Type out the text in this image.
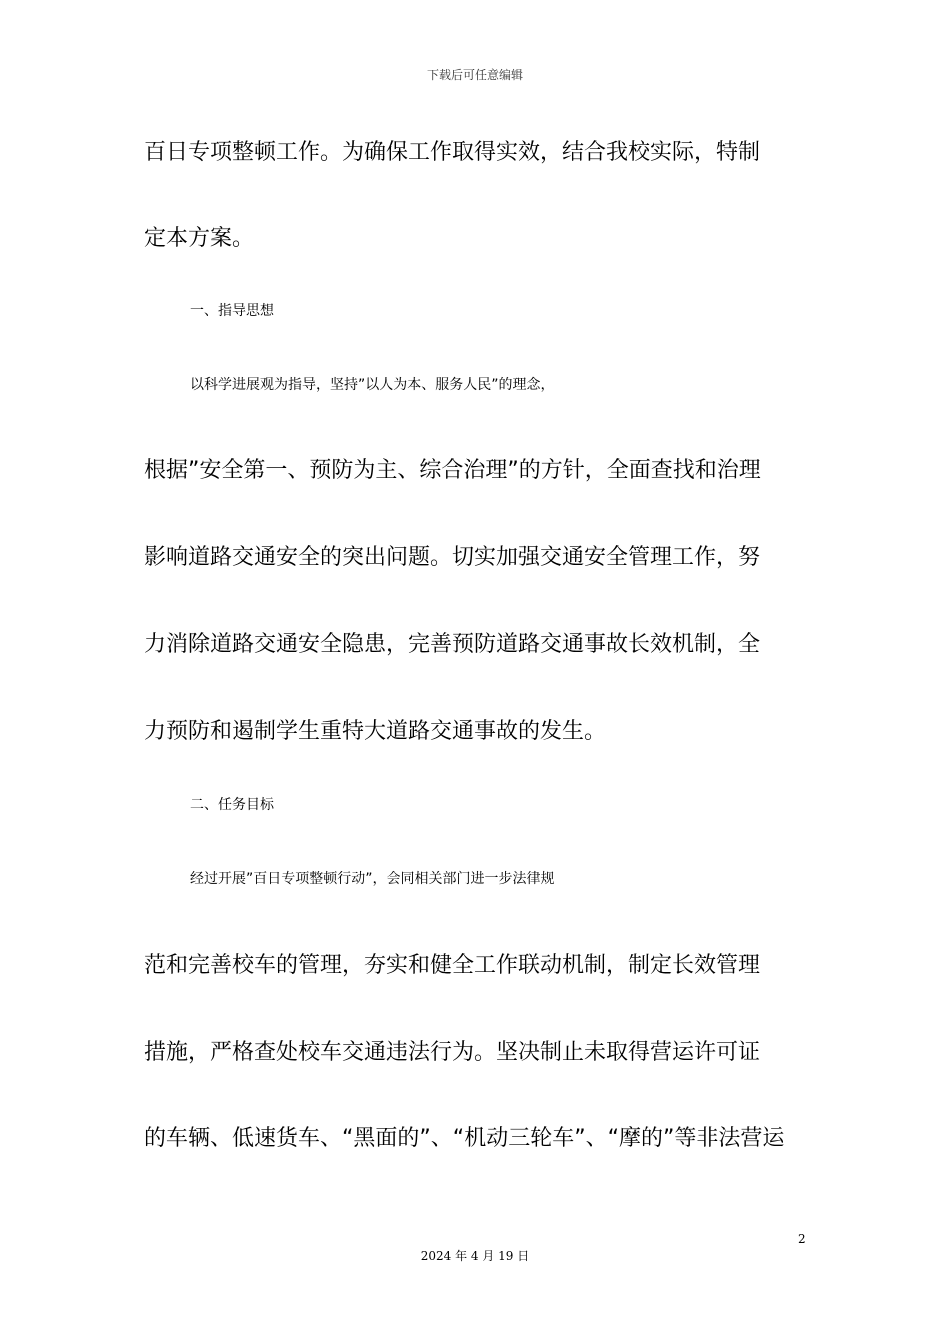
下载后可任意编辑
百日专项整顿工作。为确保工作取得实效，结合我校实际，特制
定本方案。
一、指导思想
以科学进展观为指导，坚持”以人为本、服务人民”的理念，
根据”安全第一、预防为主、综合治理”的方针，全面查找和治理
影响道路交通安全的突出问题。切实加强交通安全管理工作，努
力消除道路交通安全隐患，完善预防道路交通事故长效机制，全
力预防和遏制学生重特大道路交通事故的发生。
二、任务目标
经过开展”百日专项整顿行动”，会同相关部门进一步法律规
范和完善校车的管理，夯实和健全工作联动机制，制定长效管理
措施，严格查处校车交通违法行为。坚决制止未取得营运许可证
的车辆、低速货车、“黑面的”、“机动三轮车”、“摩的”等非法营运
2
2024 年 4 月 19 日
